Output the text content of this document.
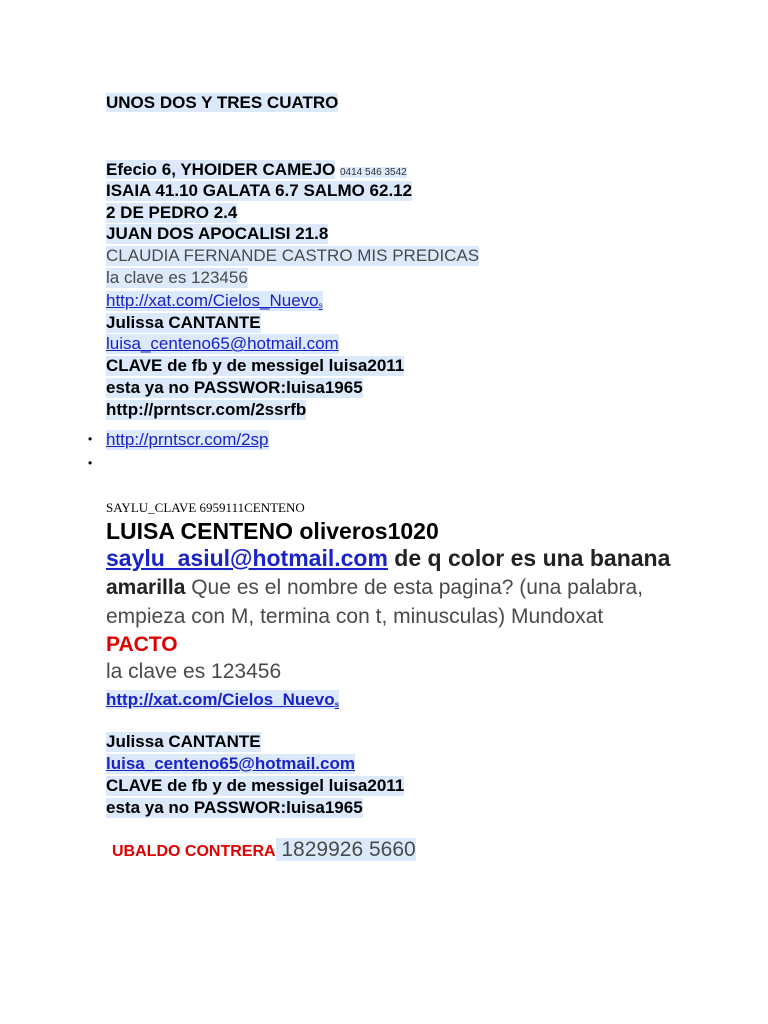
UNOS DOS Y TRES CUATRO
Efecio 6, YHOIDER CAMEJO 0414 546 3542
ISAIA 41.10 GALATA 6.7 SALMO 62.12
2 DE PEDRO 2.4
JUAN DOS APOCALISI 21.8
CLAUDIA FERNANDE CASTRO MIS PREDICAS
la clave es 123456
http://xat.com/Cielos_Nuevo$_s$
Julissa CANTANTE
luisa_centeno65@hotmail.com
CLAVE de fb y de messigel luisa2011
esta ya no PASSWOR:luisa1965
http://prntscr.com/2ssrfb
• http://prntscr.com/2sp
•
SAYLU_CLAVE 6959111CENTENO
LUISA CENTENO oliveros1020
saylu_asiul@hotmail.com de q color es una banana
amarilla Que es el nombre de esta pagina? (una palabra,
empieza con M, termina con t, minusculas) Mundoxat
PACTO
la clave es 123456
http://xat.com/Cielos_Nuevo$_s$
Julissa CANTANTE
luisa_centeno65@hotmail.com
CLAVE de fb y de messigel luisa2011
esta ya no PASSWOR:luisa1965
UBALDO CONTRERA 1829926 5660
